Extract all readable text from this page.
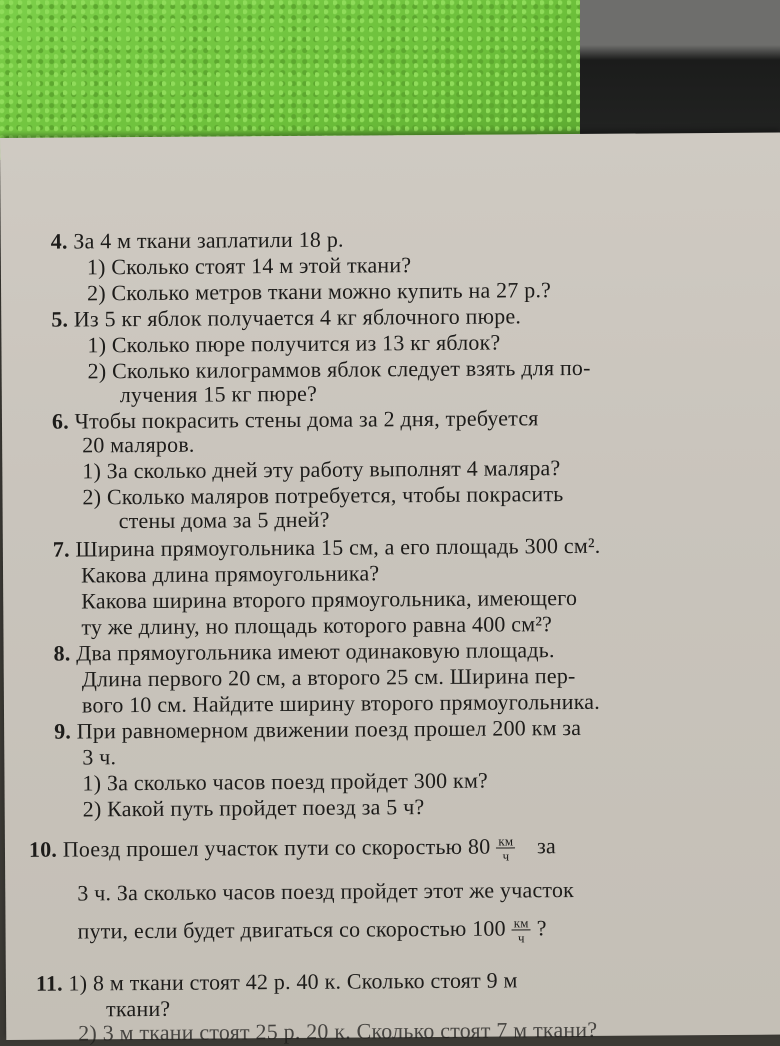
4. За 4 м ткани заплатили 18 р.
1) Сколько стоят 14 м этой ткани?
2) Сколько метров ткани можно купить на 27 р.?
5. Из 5 кг яблок получается 4 кг яблочного пюре.
1) Сколько пюре получится из 13 кг яблок?
2) Сколько килограммов яблок следует взять для по-
лучения 15 кг пюре?
6. Чтобы покрасить стены дома за 2 дня, требуется
20 маляров.
1) За сколько дней эту работу выполнят 4 маляра?
2) Сколько маляров потребуется, чтобы покрасить
стены дома за 5 дней?
7. Ширина прямоугольника 15 см, а его площадь 300 см².
Какова длина прямоугольника?
Какова ширина второго прямоугольника, имеющего
ту же длину, но площадь которого равна 400 см²?
8. Два прямоугольника имеют одинаковую площадь.
Длина первого 20 см, а второго 25 см. Ширина пер-
вого 10 см. Найдите ширину второго прямоугольника.
9. При равномерном движении поезд прошел 200 км за
3 ч.
1) За сколько часов поезд пройдет 300 км?
2) Какой путь пройдет поезд за 5 ч?
10. Поезд прошел участок пути со скоростью $80 \frac{км}{ч}$ за
3 ч. За сколько часов поезд пройдет этот же участок
пути, если будет двигаться со скоростью $100 \frac{км}{ч}$ ?
11. 1) 8 м ткани стоят 42 р. 40 к. Сколько стоят 9 м
ткани?
2) 3 м ткани стоят 25 р. 20 к. Сколько стоят 7 м ткани?
